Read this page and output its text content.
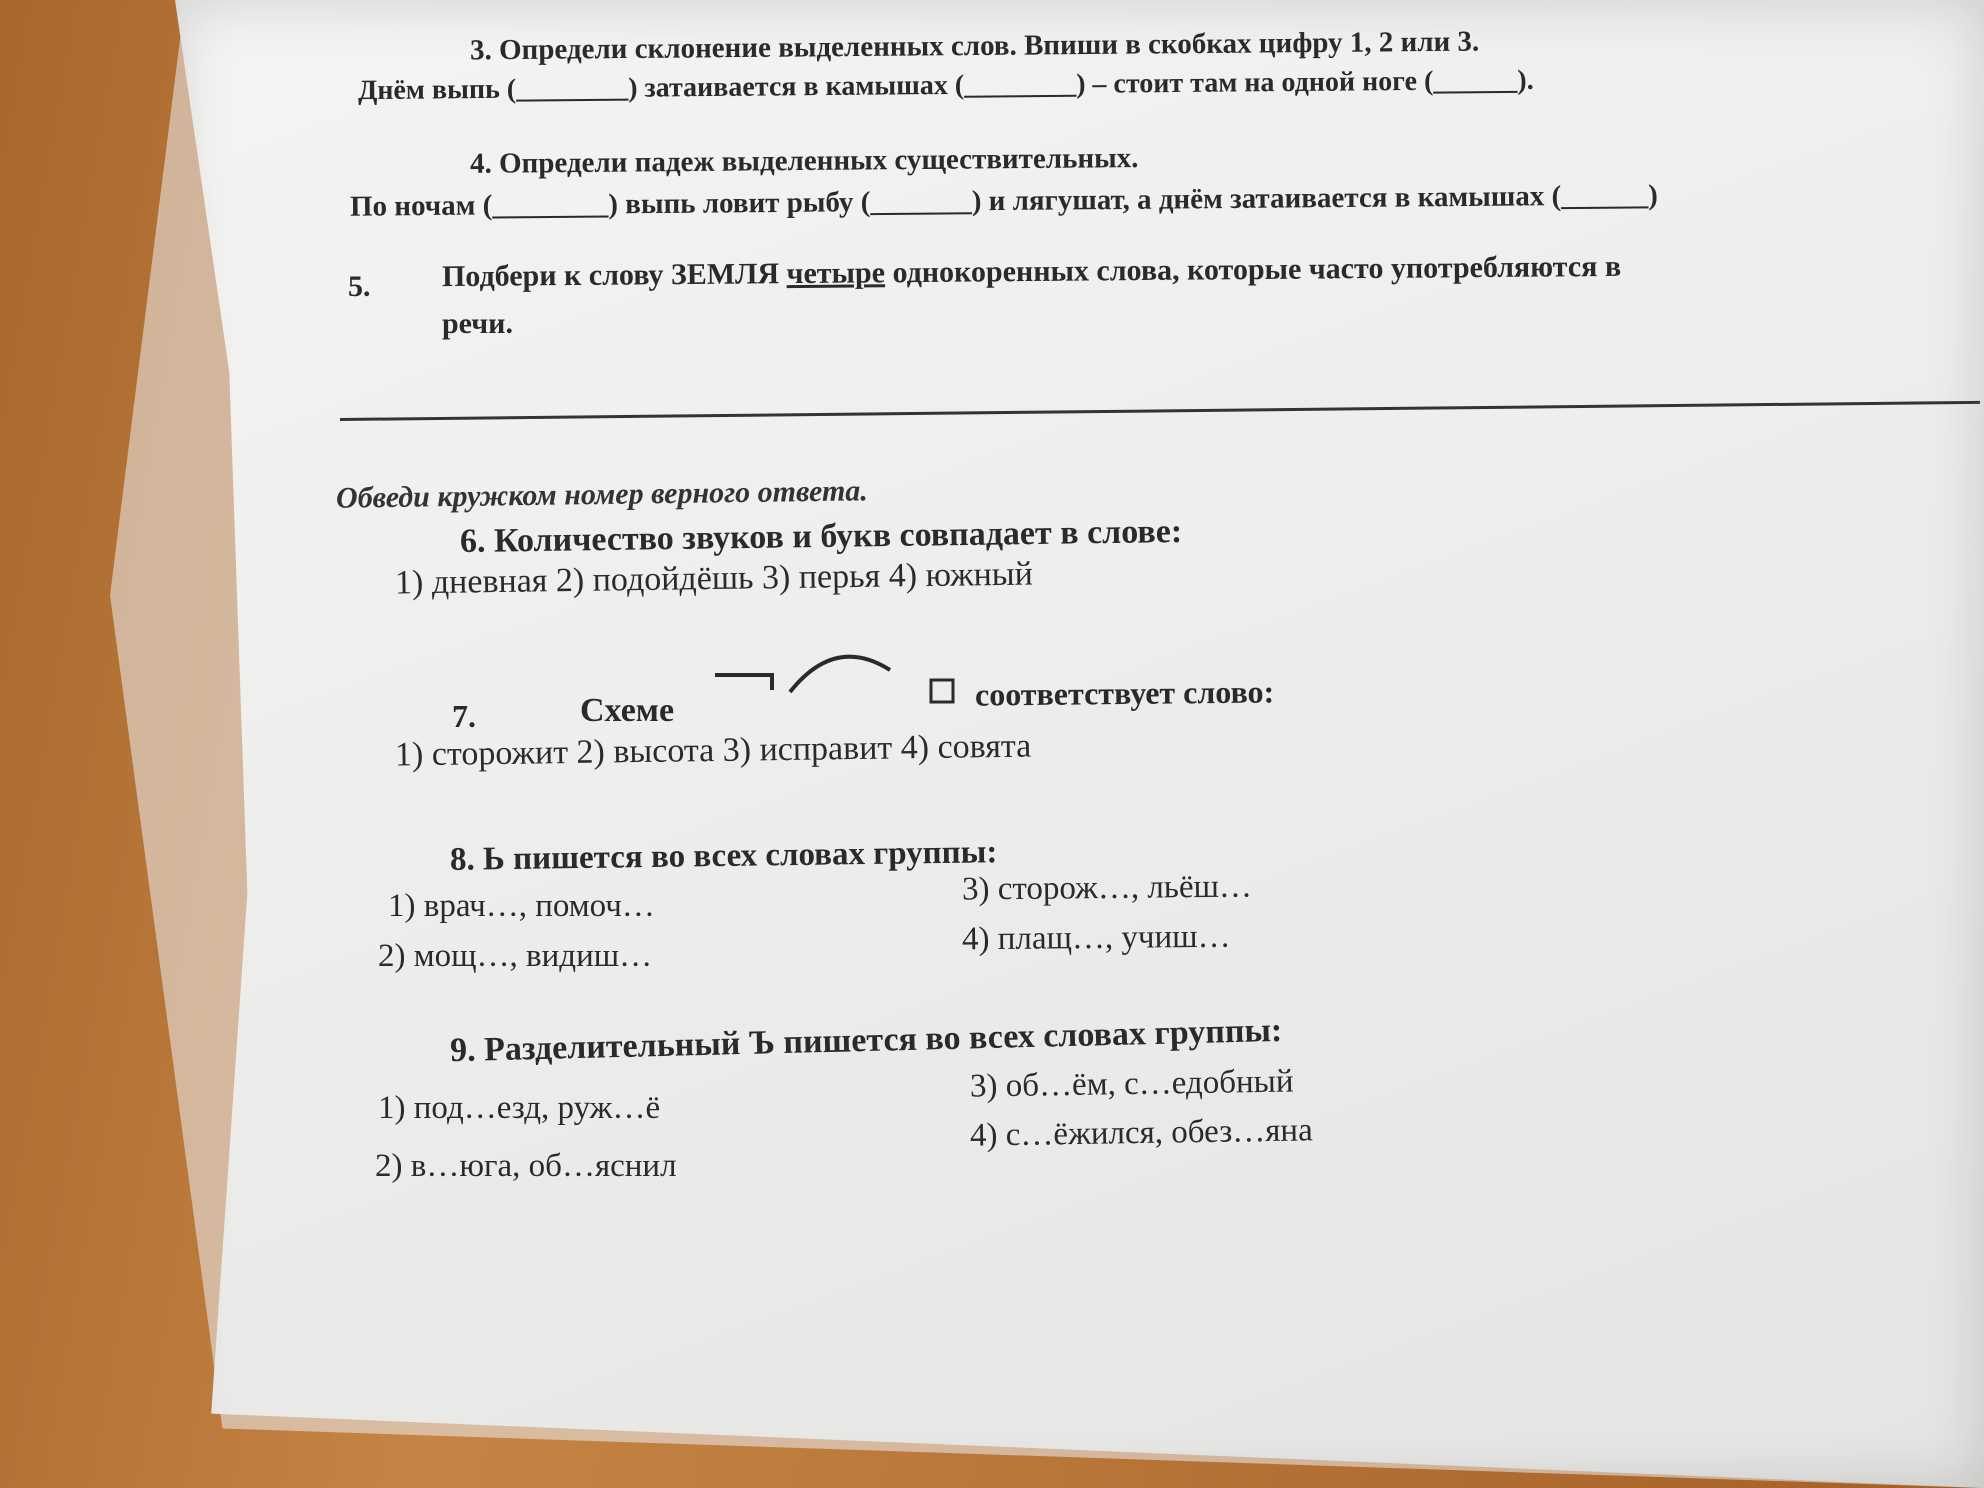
3. Определи склонение выделенных слов. Впиши в скобках цифру 1, 2 или 3.
Днём выпь (________) затаивается в камышах (________) – стоит там на одной ноге (______).
4. Определи падеж выделенных существительных.
По ночам (________) выпь ловит рыбу (_______) и лягушат, а днём затаивается в камышах (______)
5. Подбери к слову ЗЕМЛЯ четыре однокоренных слова, которые часто употребляются в
речи.
Обведи кружком номер верного ответа.
6. Количество звуков и букв совпадает в слове:
1) дневная 2) подойдёшь 3) перья 4) южный
7.	Схеме	соответствует слово:
1) сторожит 2) высота 3) исправит 4) совята
8. Ь пишется во всех словах группы:
1) врач…, помоч…
2) мощ…, видиш…
3) сторож…, льёш…
4) плащ…, учиш…
9. Разделительный Ъ пишется во всех словах группы:
1) под…езд, руж…ё
2) в…юга, об…яснил
3) об…ём, с…едобный
4) с…ёжился, обез…яна
